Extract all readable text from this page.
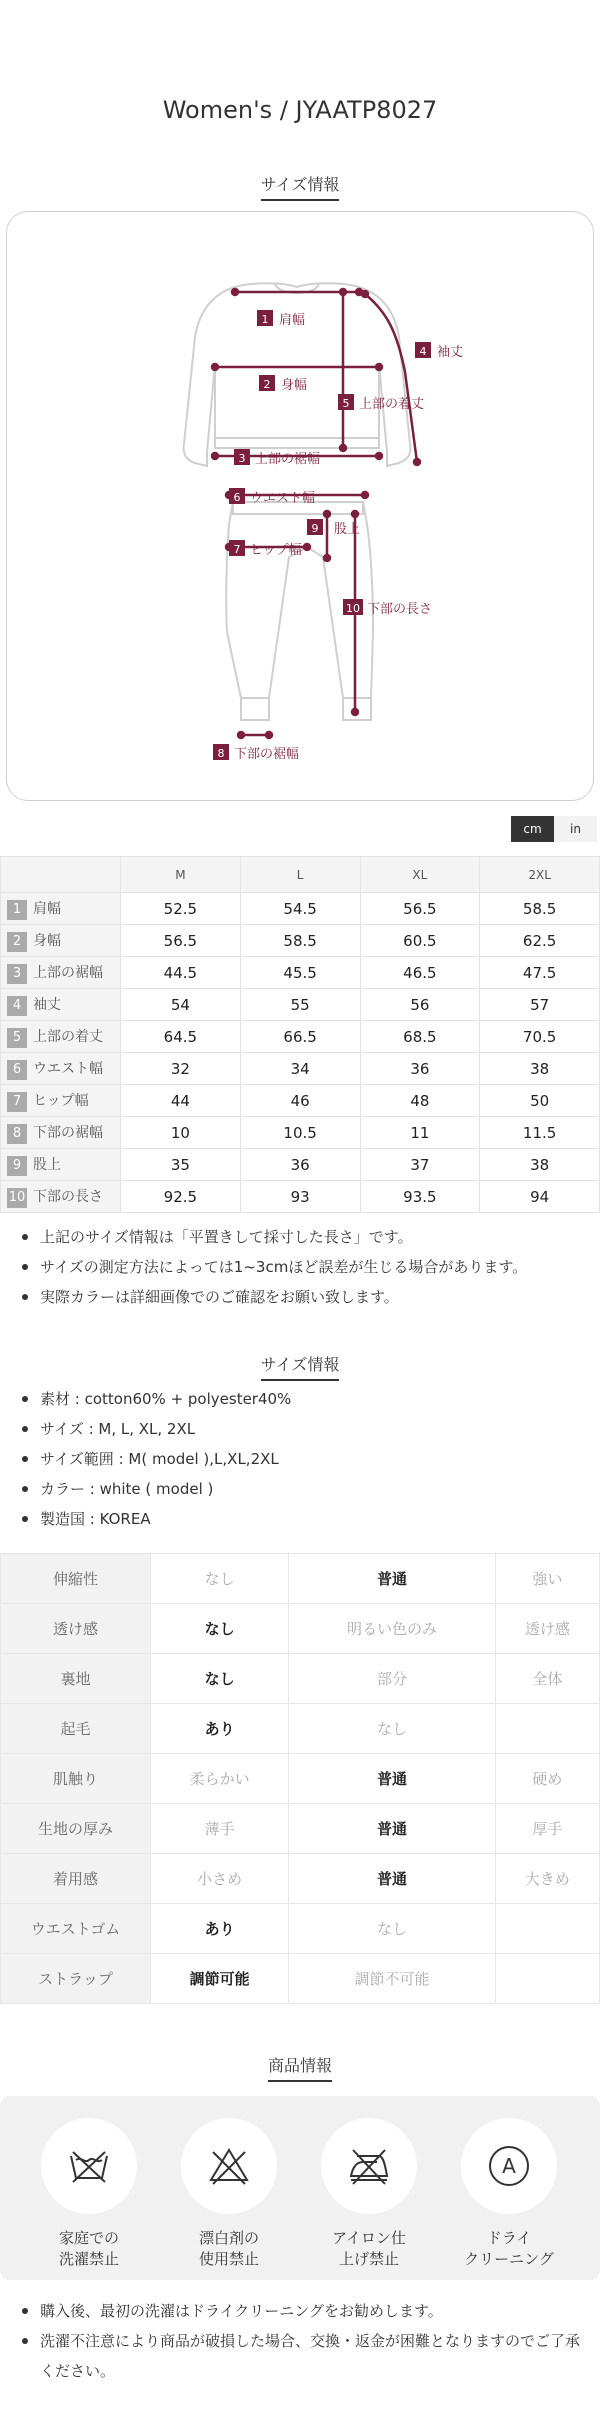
Women's / JYAATP8027
サイズ情報
1 肩幅
2 身幅
3 上部の裾幅
4 袖丈
5 上部の着丈
6 ウエスト幅
7 ヒップ幅
8 下部の裾幅
9 股上
10 下部の長さ
cm	in
	M	L	XL	2XL
1 肩幅	52.5	54.5	56.5	58.5
2 身幅	56.5	58.5	60.5	62.5
3 上部の裾幅	44.5	45.5	46.5	47.5
4 袖丈	54	55	56	57
5 上部の着丈	64.5	66.5	68.5	70.5
6 ウエスト幅	32	34	36	38
7 ヒップ幅	44	46	48	50
8 下部の裾幅	10	10.5	11	11.5
9 股上	35	36	37	38
10 下部の長さ	92.5	93	93.5	94
上記のサイズ情報は「平置きして採寸した長さ」です。
サイズの測定方法によっては1~3cmほど誤差が生じる場合があります。
実際カラーは詳細画像でのご確認をお願い致します。
サイズ情報
素材 : cotton60% + polyester40%
サイズ : M, L, XL, 2XL
サイズ範囲 : M( model ),L,XL,2XL
カラー : white ( model )
製造国 : KOREA
伸縮性	なし	普通	強い
透け感	なし	明るい色のみ	透け感
裏地	なし	部分	全体
起毛	あり	なし	
肌触り	柔らかい	普通	硬め
生地の厚み	薄手	普通	厚手
着用感	小さめ	普通	大きめ
ウエストゴム	あり	なし	
ストラップ	調節可能	調節不可能	
商品情報
家庭での
洗濯禁止
漂白剤の
使用禁止
アイロン仕
上げ禁止
A
ドライ
クリーニング
購入後、最初の洗濯はドライクリーニングをお勧めします。
洗濯不注意により商品が破損した場合、交換・返金が困難となりますのでご了承ください。
